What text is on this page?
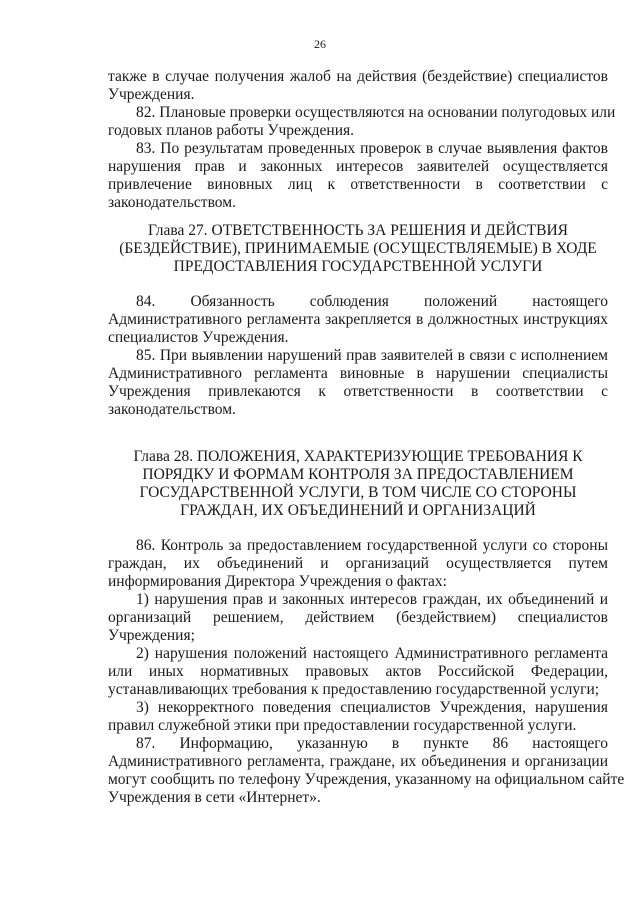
26
также в случае получения жалоб на действия (бездействие) специалистов
Учреждения.
82. Плановые проверки осуществляются на основании полугодовых или
годовых планов работы Учреждения.
83. По результатам проведенных проверок в случае выявления фактов
нарушения прав и законных интересов заявителей осуществляется
привлечение виновных лиц к ответственности в соответствии с
законодательством.
Глава 27. ОТВЕТСТВЕННОСТЬ ЗА РЕШЕНИЯ И ДЕЙСТВИЯ
(БЕЗДЕЙСТВИЕ), ПРИНИМАЕМЫЕ (ОСУЩЕСТВЛЯЕМЫЕ) В ХОДЕ
ПРЕДОСТАВЛЕНИЯ ГОСУДАРСТВЕННОЙ УСЛУГИ
84. Обязанность соблюдения положений настоящего
Административного регламента закрепляется в должностных инструкциях
специалистов Учреждения.
85. При выявлении нарушений прав заявителей в связи с исполнением
Административного регламента виновные в нарушении специалисты
Учреждения привлекаются к ответственности в соответствии с
законодательством.
Глава 28. ПОЛОЖЕНИЯ, ХАРАКТЕРИЗУЮЩИЕ ТРЕБОВАНИЯ К
ПОРЯДКУ И ФОРМАМ КОНТРОЛЯ ЗА ПРЕДОСТАВЛЕНИЕМ
ГОСУДАРСТВЕННОЙ УСЛУГИ, В ТОМ ЧИСЛЕ СО СТОРОНЫ
ГРАЖДАН, ИХ ОБЪЕДИНЕНИЙ И ОРГАНИЗАЦИЙ
86. Контроль за предоставлением государственной услуги со стороны
граждан, их объединений и организаций осуществляется путем
информирования Директора Учреждения о фактах:
1) нарушения прав и законных интересов граждан, их объединений и
организаций решением, действием (бездействием) специалистов
Учреждения;
2) нарушения положений настоящего Административного регламента
или иных нормативных правовых актов Российской Федерации,
устанавливающих требования к предоставлению государственной услуги;
3) некорректного поведения специалистов Учреждения, нарушения
правил служебной этики при предоставлении государственной услуги.
87. Информацию, указанную в пункте 86 настоящего
Административного регламента, граждане, их объединения и организации
могут сообщить по телефону Учреждения, указанному на официальном сайте
Учреждения в сети «Интернет».
